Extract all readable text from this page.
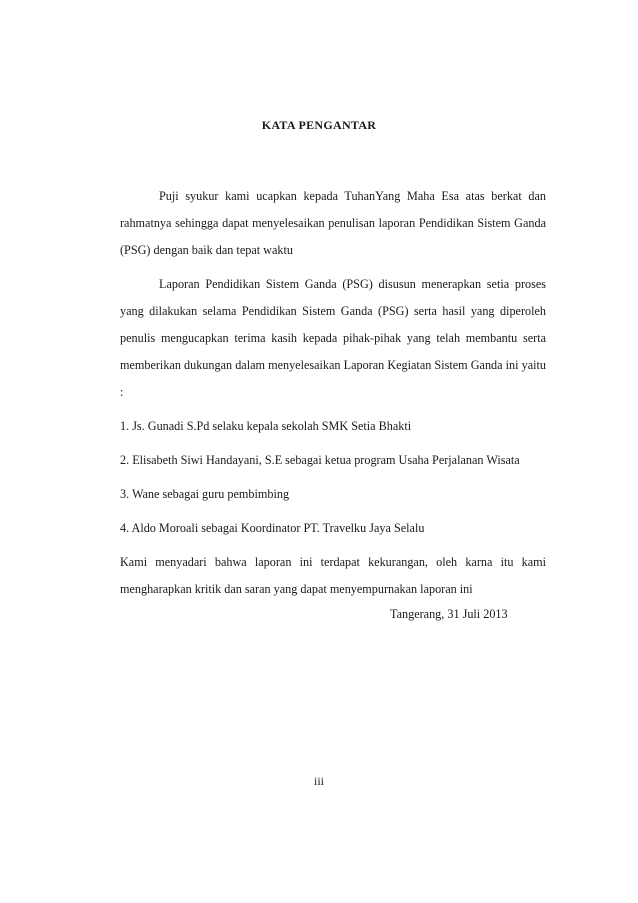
KATA PENGANTAR

Puji syukur kami ucapkan kepada TuhanYang Maha Esa atas berkat dan rahmatnya sehingga dapat menyelesaikan penulisan laporan Pendidikan Sistem Ganda (PSG) dengan baik dan tepat waktu

Laporan Pendidikan Sistem Ganda (PSG) disusun menerapkan setia proses yang dilakukan selama Pendidikan Sistem Ganda (PSG) serta hasil yang diperoleh penulis mengucapkan terima kasih kepada pihak-pihak yang telah membantu serta memberikan dukungan dalam menyelesaikan Laporan Kegiatan Sistem Ganda ini yaitu :

1. Js. Gunadi S.Pd selaku kepala sekolah SMK Setia Bhakti

2. Elisabeth Siwi Handayani, S.E sebagai ketua program Usaha Perjalanan Wisata

3. Wane sebagai guru pembimbing

4. Aldo Moroali sebagai Koordinator PT. Travelku Jaya Selalu

Kami menyadari bahwa laporan ini terdapat kekurangan, oleh karna itu kami mengharapkan kritik dan saran yang dapat menyempurnakan laporan ini

Tangerang, 31 Juli 2013
iii
